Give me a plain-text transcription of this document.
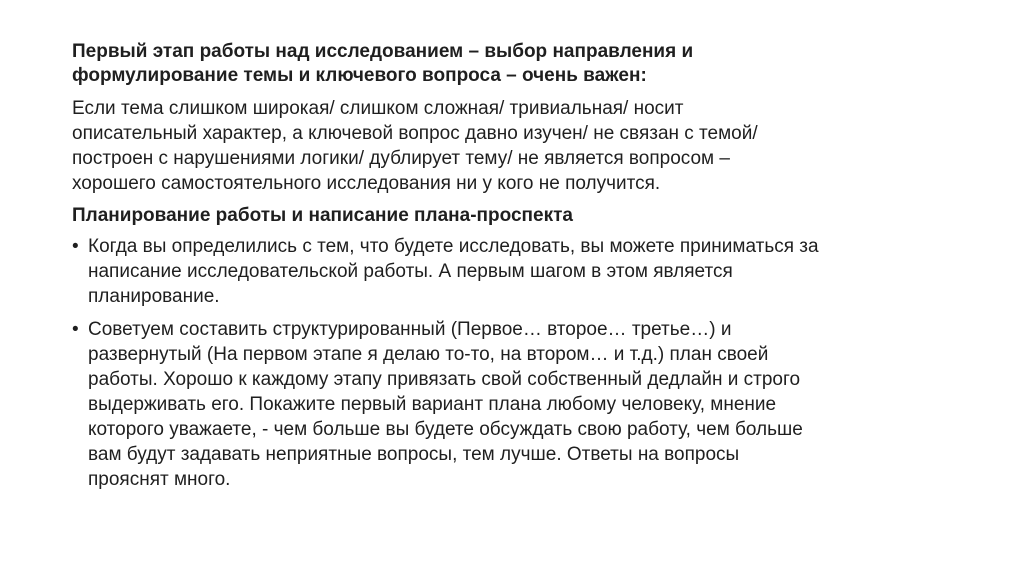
Первый этап работы над исследованием – выбор направления и
формулирование темы и ключевого вопроса – очень важен:
Если тема слишком широкая/ слишком сложная/ тривиальная/ носит
описательный характер, а ключевой вопрос давно изучен/ не связан с темой/
построен с нарушениями логики/ дублирует тему/ не является вопросом –
хорошего самостоятельного исследования ни у кого не получится.
Планирование работы и написание плана-проспекта
• Когда вы определились с тем, что будете исследовать, вы можете приниматься за
написание исследовательской работы. А первым шагом в этом является
планирование.
• Советуем составить структурированный (Первое… второе… третье…) и
развернутый (На первом этапе я делаю то-то, на втором… и т.д.) план своей
работы. Хорошо к каждому этапу привязать свой собственный дедлайн и строго
выдерживать его. Покажите первый вариант плана любому человеку, мнение
которого уважаете, - чем больше вы будете обсуждать свою работу, чем больше
вам будут задавать неприятные вопросы, тем лучше. Ответы на вопросы
прояснят много.
